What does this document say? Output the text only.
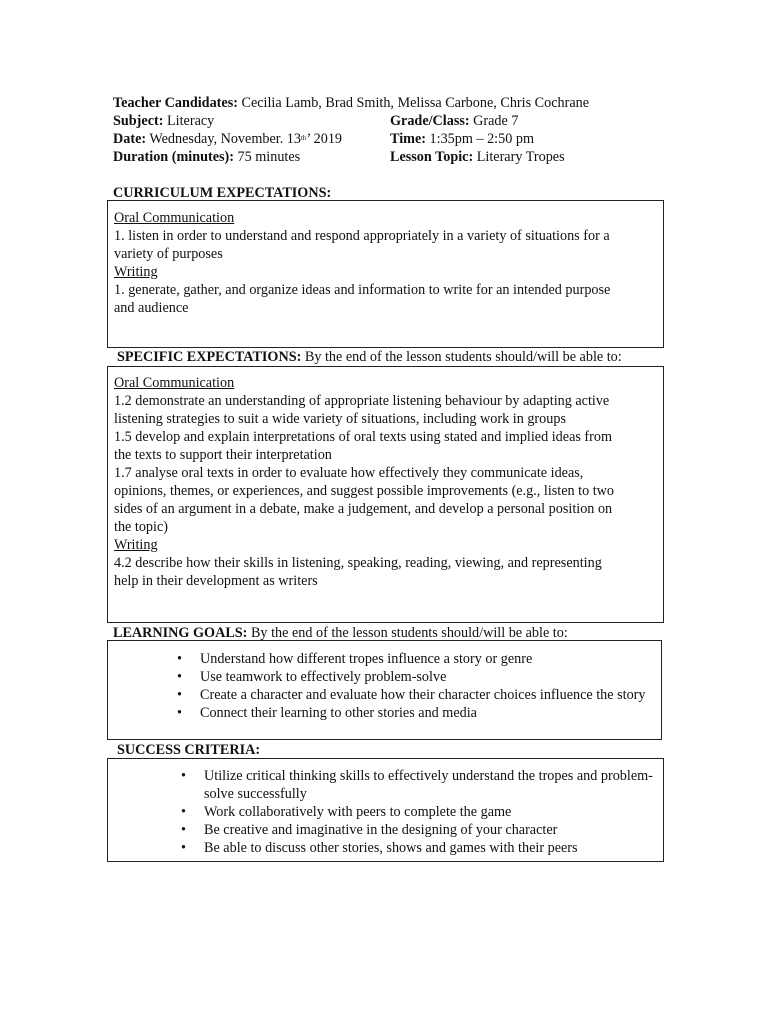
Teacher Candidates: Cecilia Lamb, Brad Smith, Melissa Carbone, Chris Cochrane
Subject: Literacy	Grade/Class: Grade 7
Date: Wednesday, November. 13th’ 2019	Time: 1:35pm – 2:50 pm
Duration (minutes): 75 minutes	Lesson Topic: Literary Tropes
CURRICULUM EXPECTATIONS:
Oral Communication
1. listen in order to understand and respond appropriately in a variety of situations for a
variety of purposes
Writing
1. generate, gather, and organize ideas and information to write for an intended purpose
and audience
SPECIFIC EXPECTATIONS: By the end of the lesson students should/will be able to:
Oral Communication
1.2 demonstrate an understanding of appropriate listening behaviour by adapting active
listening strategies to suit a wide variety of situations, including work in groups
1.5 develop and explain interpretations of oral texts using stated and implied ideas from
the texts to support their interpretation
1.7 analyse oral texts in order to evaluate how effectively they communicate ideas,
opinions, themes, or experiences, and suggest possible improvements (e.g., listen to two
sides of an argument in a debate, make a judgement, and develop a personal position on
the topic)
Writing
4.2 describe how their skills in listening, speaking, reading, viewing, and representing
help in their development as writers
LEARNING GOALS: By the end of the lesson students should/will be able to:
• Understand how different tropes influence a story or genre
• Use teamwork to effectively problem-solve
• Create a character and evaluate how their character choices influence the story
• Connect their learning to other stories and media
SUCCESS CRITERIA:
• Utilize critical thinking skills to effectively understand the tropes and problem-
solve successfully
• Work collaboratively with peers to complete the game
• Be creative and imaginative in the designing of your character
• Be able to discuss other stories, shows and games with their peers
